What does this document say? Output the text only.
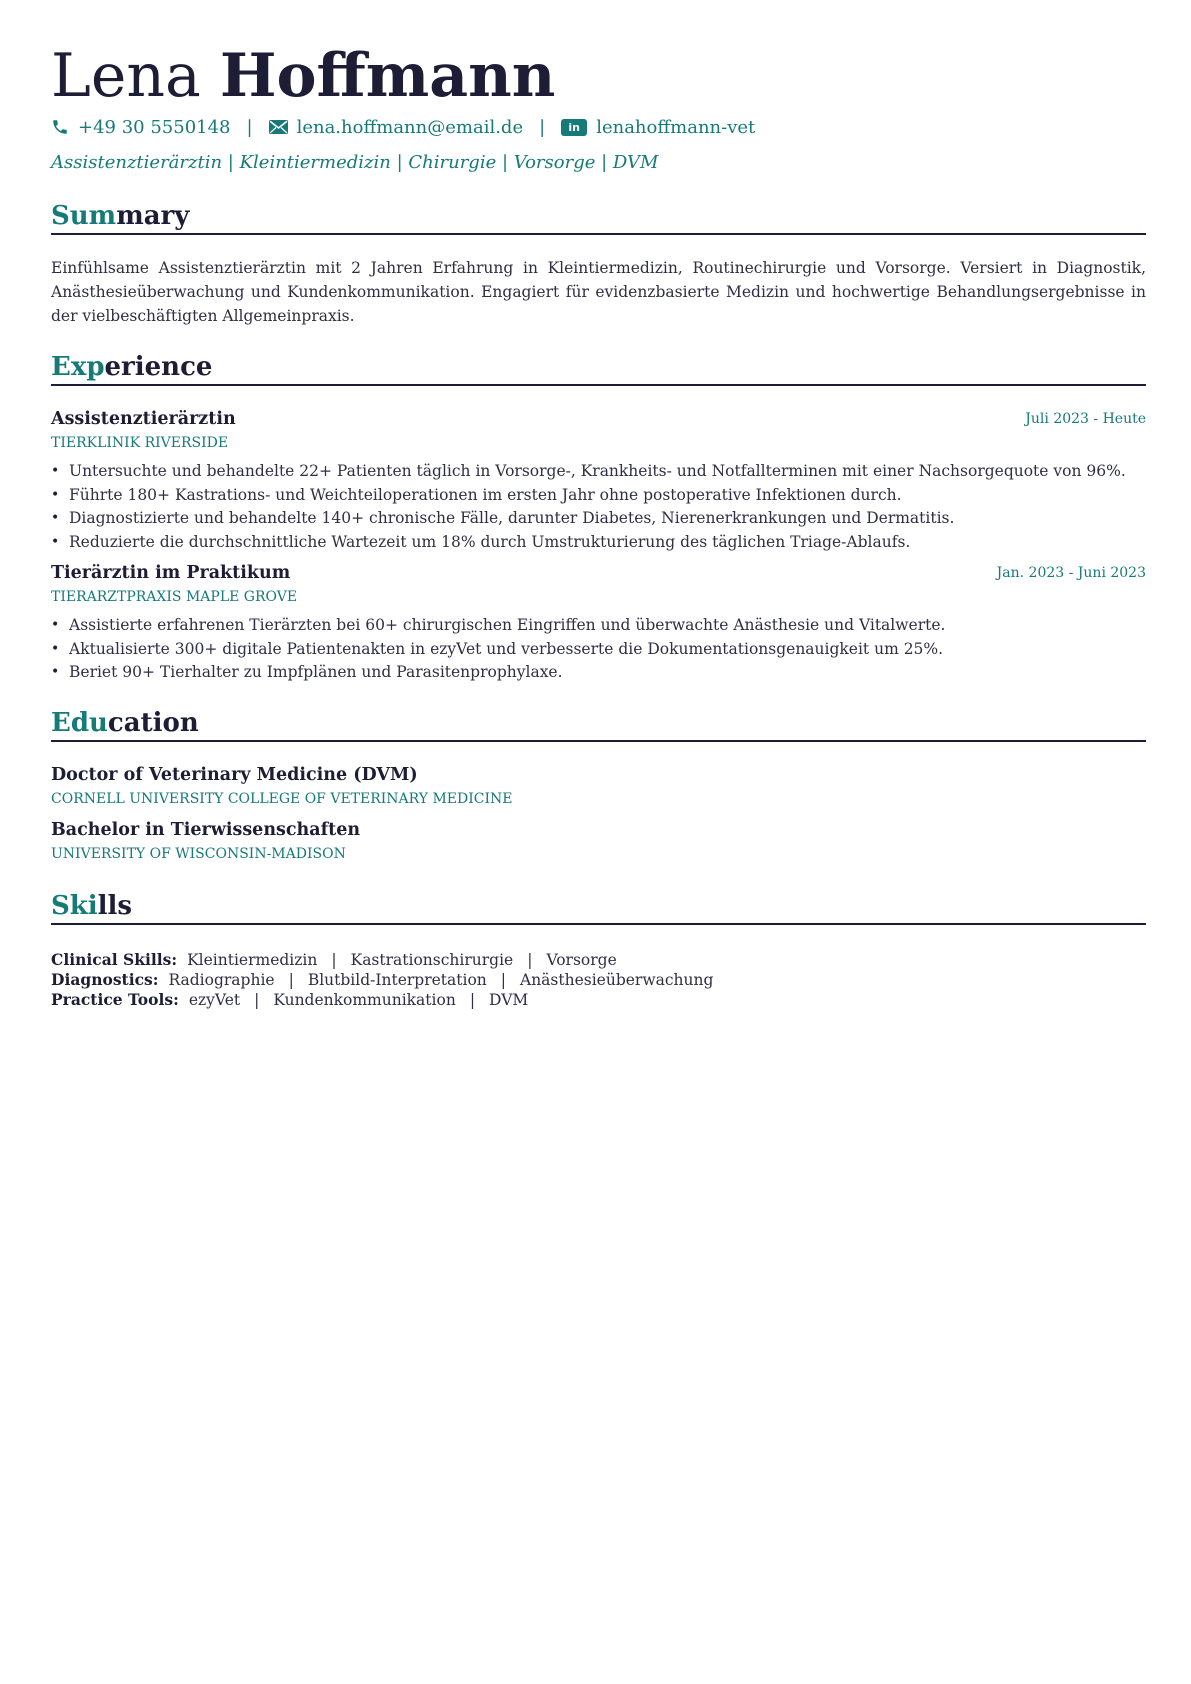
Lena Hoffmann
+49 30 5550148 | lena.hoffmann@email.de |	in lenahoffmann-vet
Assistenztierärztin | Kleintiermedizin | Chirurgie | Vorsorge | DVM
Summary
Einfühlsame Assistenztierärztin mit 2 Jahren Erfahrung in Kleintiermedizin, Routinechirurgie und Vorsorge. Versiert in Diagnostik, Anästhesieüberwachung und Kundenkommunikation. Engagiert für evidenzbasierte Medizin und hochwertige Behandlungsergebnisse in der vielbeschäftigten Allgemeinpraxis.
Experience
Assistenztierärztin	Juli 2023 - Heute
TIERKLINIK RIVERSIDE
• Untersuchte und behandelte 22+ Patienten täglich in Vorsorge-, Krankheits- und Notfallterminen mit einer Nachsorgequote von 96%.
• Führte 180+ Kastrations- und Weichteiloperationen im ersten Jahr ohne postoperative Infektionen durch.
• Diagnostizierte und behandelte 140+ chronische Fälle, darunter Diabetes, Nierenerkrankungen und Dermatitis.
• Reduzierte die durchschnittliche Wartezeit um 18% durch Umstrukturierung des täglichen Triage-Ablaufs.
Tierärztin im Praktikum	Jan. 2023 - Juni 2023
TIERARZTPRAXIS MAPLE GROVE
• Assistierte erfahrenen Tierärzten bei 60+ chirurgischen Eingriffen und überwachte Anästhesie und Vitalwerte.
• Aktualisierte 300+ digitale Patientenakten in ezyVet und verbesserte die Dokumentationsgenauigkeit um 25%.
• Beriet 90+ Tierhalter zu Impfplänen und Parasitenprophylaxe.
Education
Doctor of Veterinary Medicine (DVM)
CORNELL UNIVERSITY COLLEGE OF VETERINARY MEDICINE
Bachelor in Tierwissenschaften
UNIVERSITY OF WISCONSIN-MADISON
Skills
Clinical Skills: Kleintiermedizin | Kastrationschirurgie | Vorsorge
Diagnostics: Radiographie | Blutbild-Interpretation | Anästhesieüberwachung
Practice Tools: ezyVet | Kundenkommunikation | DVM
